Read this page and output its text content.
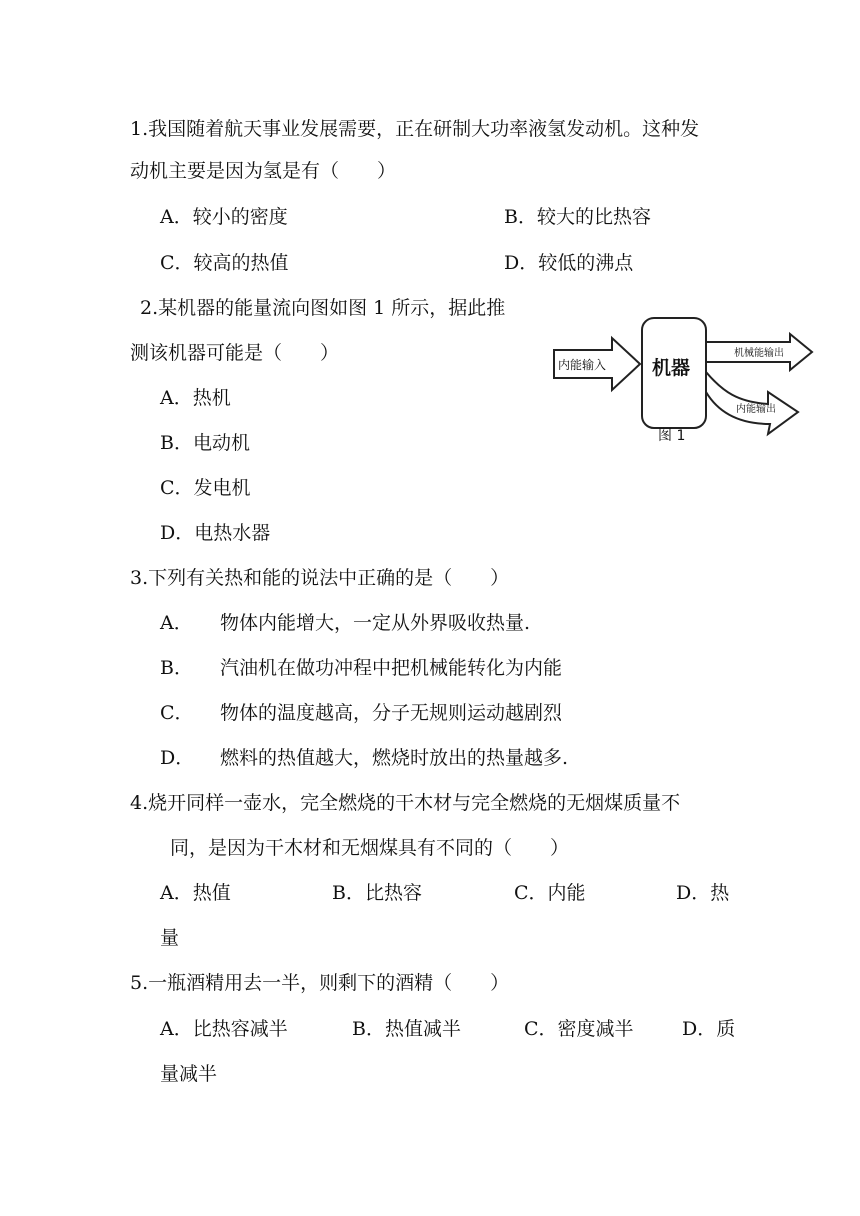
1.我国随着航天事业发展需要，正在研制大功率液氢发动机。这种发

动机主要是因为氢是有（　　）

A．较小的密度	B．较大的比热容

C．较高的热值	D．较低的沸点

2.某机器的能量流向图如图 1 所示，据此推

测该机器可能是（　　）

A．热机

B．电动机

C．发电机

D．电热水器

内能输入 机器
机械能输出
内能输出
图 1

3.下列有关热和能的说法中正确的是（　　）

A． 物体内能增大，一定从外界吸收热量.

B． 汽油机在做功冲程中把机械能转化为内能

C． 物体的温度越高，分子无规则运动越剧烈

D． 燃料的热值越大，燃烧时放出的热量越多.

4.烧开同样一壶水，完全燃烧的干木材与完全燃烧的无烟煤质量不

同，是因为干木材和无烟煤具有不同的（　　）

A．热值	B．比热容	C．内能	D．热

量

5.一瓶酒精用去一半，则剩下的酒精（　　）

A．比热容减半	B．热值减半	C．密度减半	D．质

量减半
